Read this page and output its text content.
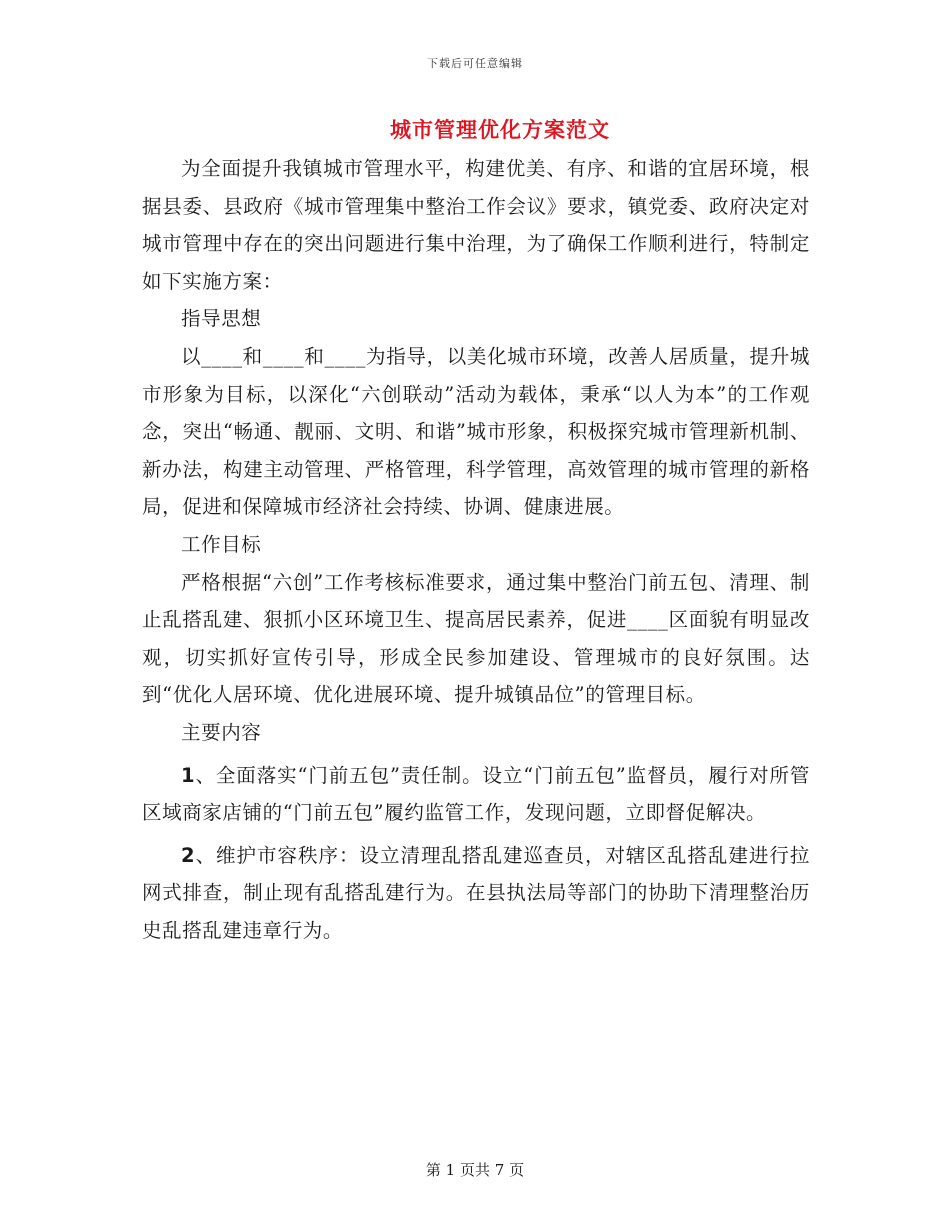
下载后可任意编辑
城市管理优化方案范文

为全面提升我镇城市管理水平，构建优美、有序、和谐的宜居环境，根据县委、县政府《城市管理集中整治工作会议》要求，镇党委、政府决定对城市管理中存在的突出问题进行集中治理，为了确保工作顺利进行，特制定如下实施方案：

指导思想

以____和____和____为指导，以美化城市环境，改善人居质量，提升城市形象为目标，以深化“六创联动”活动为载体，秉承“以人为本”的工作观念，突出“畅通、靓丽、文明、和谐”城市形象，积极探究城市管理新机制、新办法，构建主动管理、严格管理，科学管理，高效管理的城市管理的新格局，促进和保障城市经济社会持续、协调、健康进展。

工作目标

严格根据“六创”工作考核标准要求，通过集中整治门前五包、清理、制止乱搭乱建、狠抓小区环境卫生、提高居民素养，促进____区面貌有明显改观，切实抓好宣传引导，形成全民参加建设、管理城市的良好氛围。达到“优化人居环境、优化进展环境、提升城镇品位”的管理目标。

主要内容

1、全面落实“门前五包”责任制。设立“门前五包”监督员，履行对所管区域商家店铺的“门前五包”履约监管工作，发现问题，立即督促解决。

2、维护市容秩序：设立清理乱搭乱建巡查员，对辖区乱搭乱建进行拉网式排查，制止现有乱搭乱建行为。在县执法局等部门的协助下清理整治历史乱搭乱建违章行为。

第 1 页共 7 页
